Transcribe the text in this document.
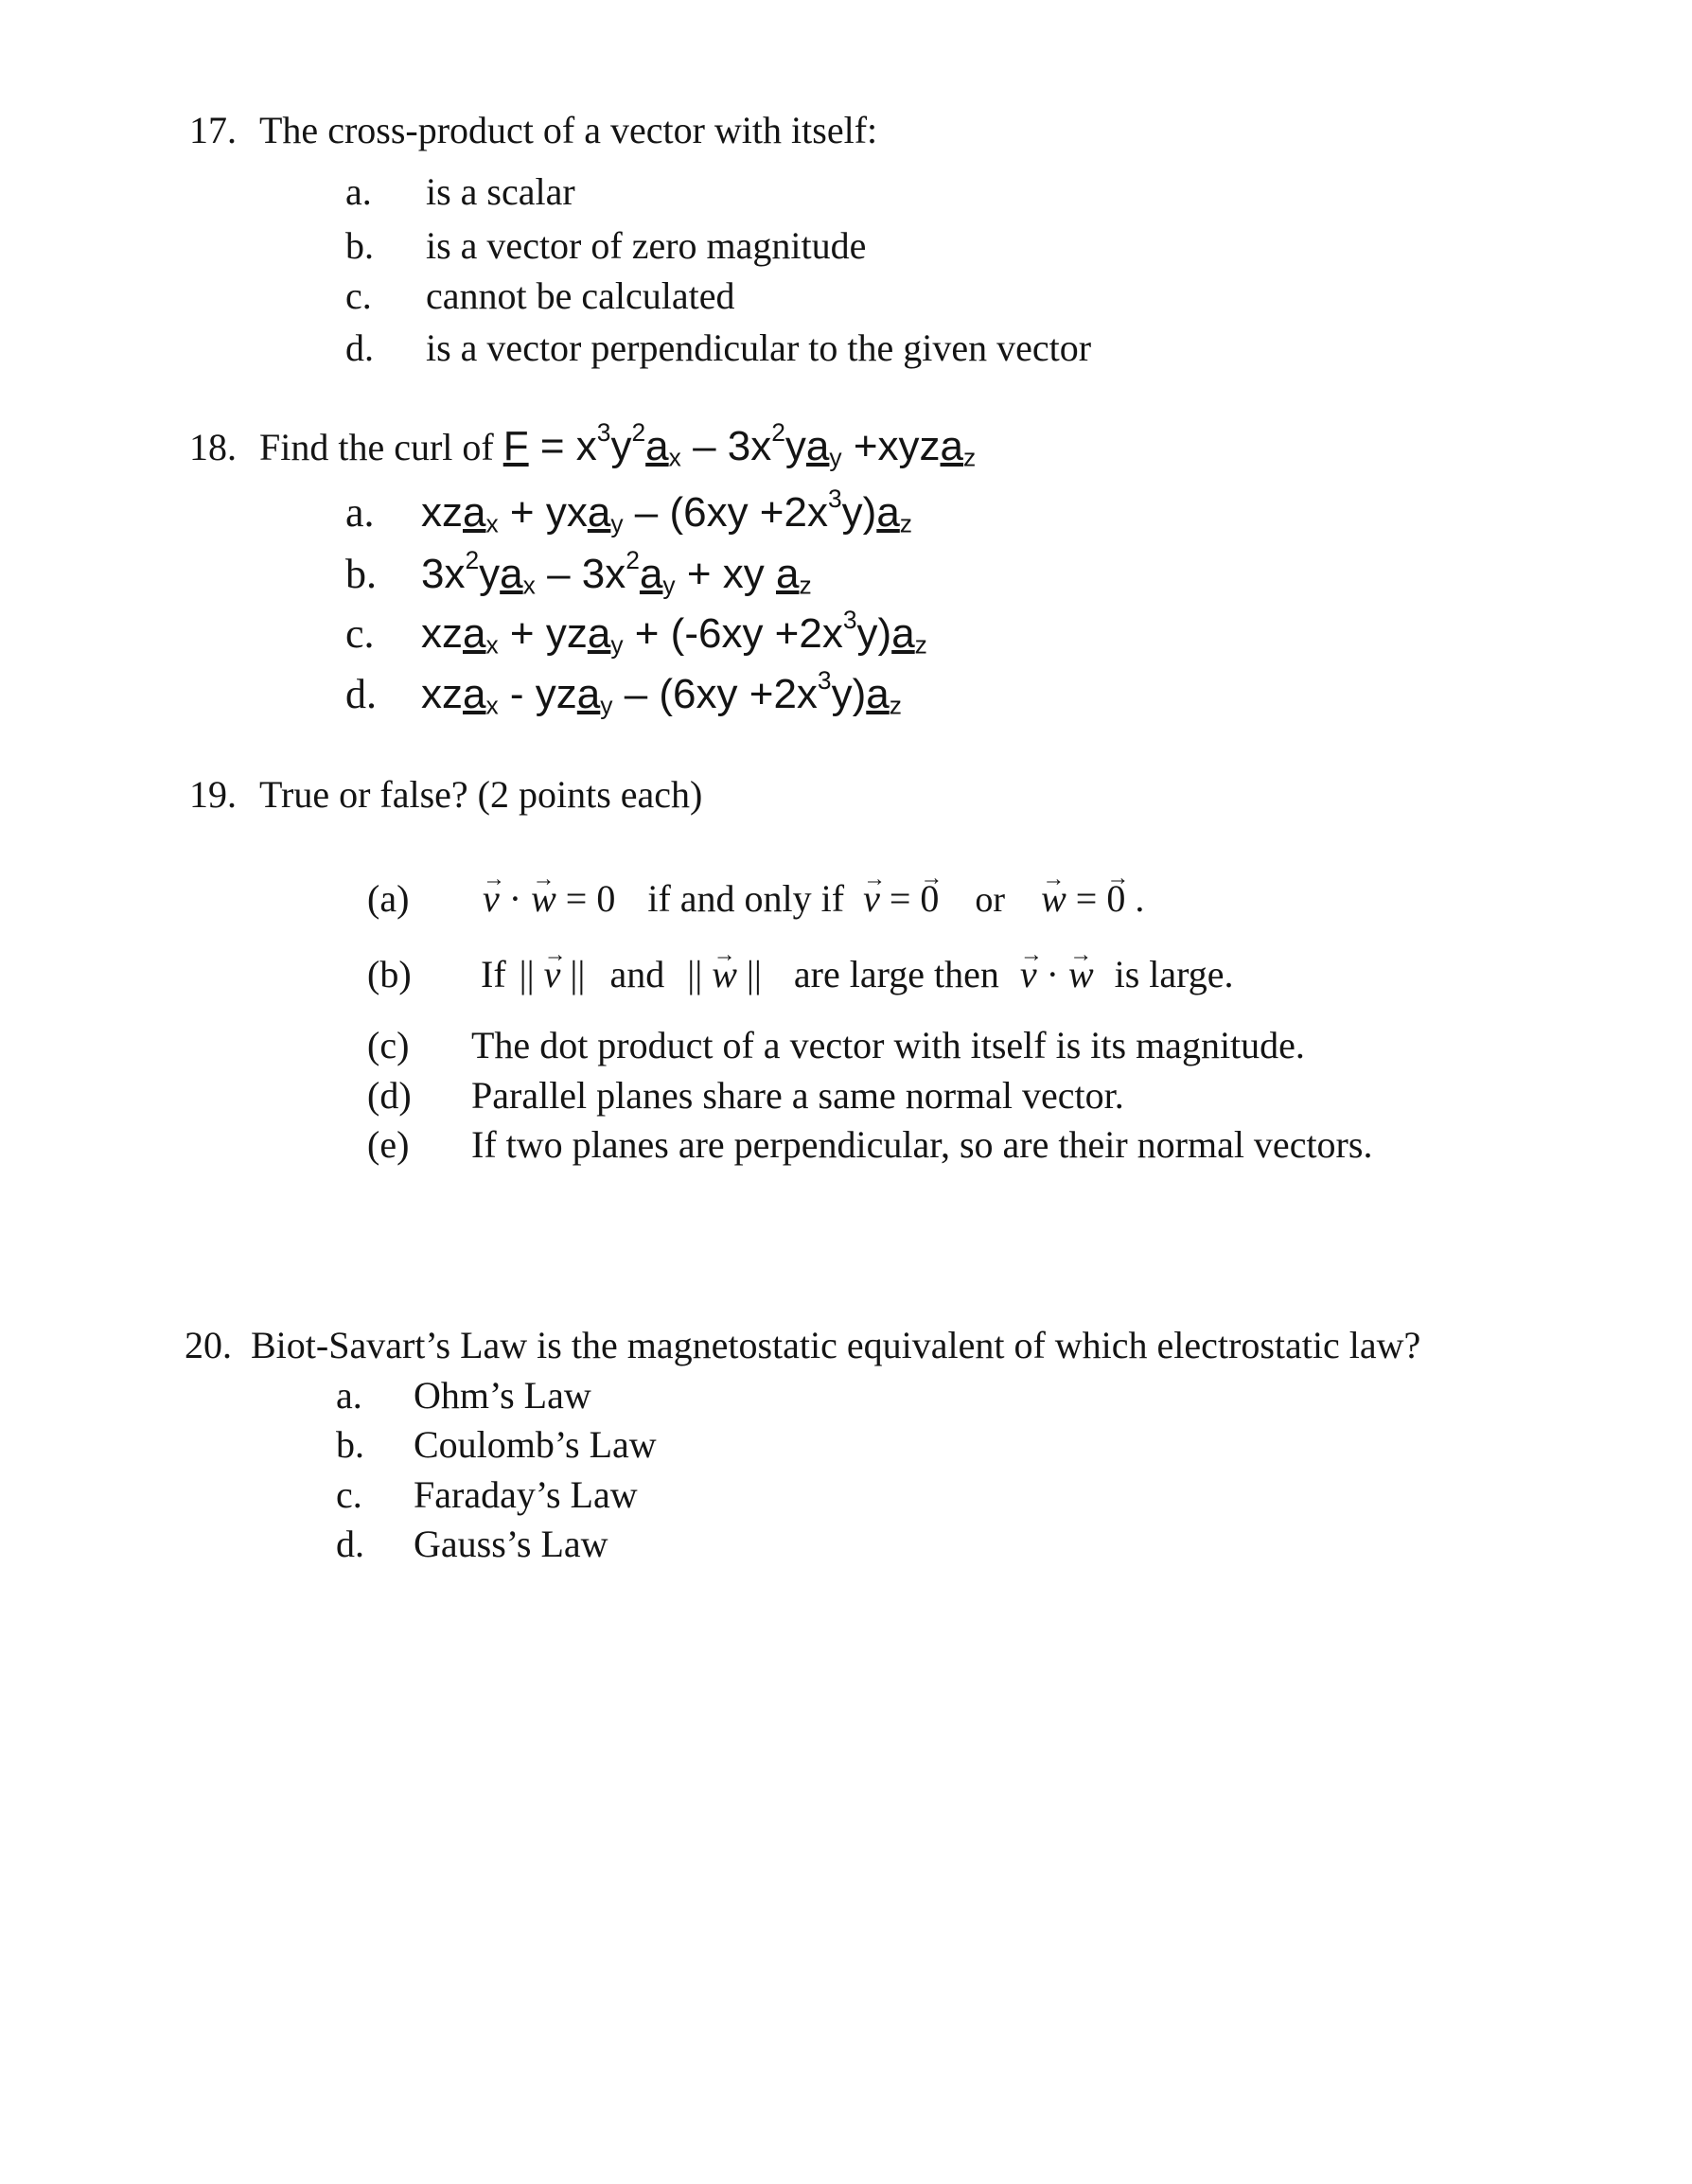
17. The cross-product of a vector with itself:
a. is a scalar
b. is a vector of zero magnitude
c. cannot be calculated
d. is a vector perpendicular to the given vector
18. Find the curl of $F = x^3y^2a_x - 3x^2ya_y$ +xyza$_z$
a. $xza_x + yxa_y - (6xy +2x^3y)a_z$
b. $3x^2ya_x - 3x^2a_y$ + xy $a_z$
c. $xza_x + yza_y + (-6xy +2x^3y)a_z$
d. $xza_x - yza_y - (6xy +2x^3y)a_z$
19. True or false? (2 points each)
(a) → v · → w = 0 if and only if → v = → 0 or → w = → 0 .
(b) If || → v || and || → w || are large then → v · → w is large.
(c) The dot product of a vector with itself is its magnitude.
(d) Parallel planes share a same normal vector.
(e) If two planes are perpendicular, so are their normal vectors.
20. Biot-Savart’s Law is the magnetostatic equivalent of which electrostatic law?
a. Ohm’s Law
b. Coulomb’s Law
c. Faraday’s Law
d. Gauss’s Law
